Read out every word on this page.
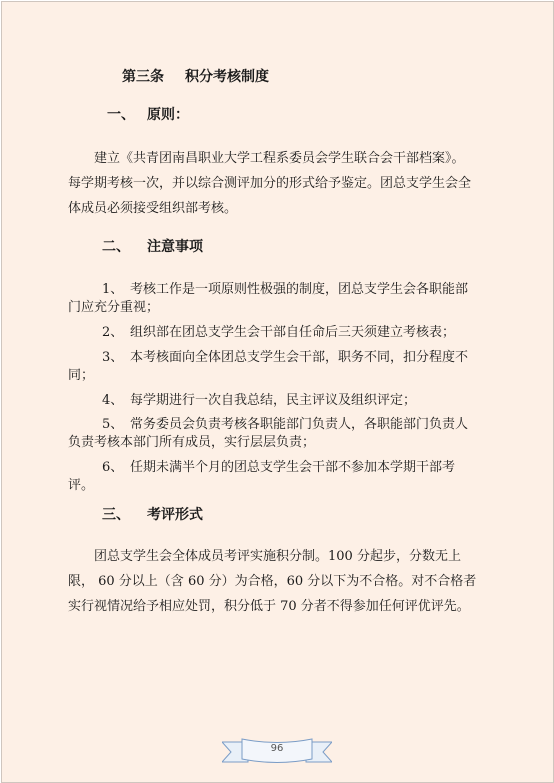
第三条 积分考核制度
一、 原则：
建立《共青团南昌职业大学工程系委员会学生联合会干部档案》。
每学期考核一次，并以综合测评加分的形式给予鉴定。团总支学生会全
体成员必须接受组织部考核。
二、 注意事项
1、 考核工作是一项原则性极强的制度，团总支学生会各职能部
门应充分重视；
2、 组织部在团总支学生会干部自任命后三天须建立考核表；
3、 本考核面向全体团总支学生会干部，职务不同，扣分程度不
同；
4、 每学期进行一次自我总结，民主评议及组织评定；
5、 常务委员会负责考核各职能部门负责人，各职能部门负责人
负责考核本部门所有成员，实行层层负责；
6、 任期未满半个月的团总支学生会干部不参加本学期干部考
评。
三、 考评形式
团总支学生会全体成员考评实施积分制。100 分起步，分数无上
限， 60 分以上（含 60 分）为合格，60 分以下为不合格。对不合格者
实行视情况给予相应处罚，积分低于 70 分者不得参加任何评优评先。
96
